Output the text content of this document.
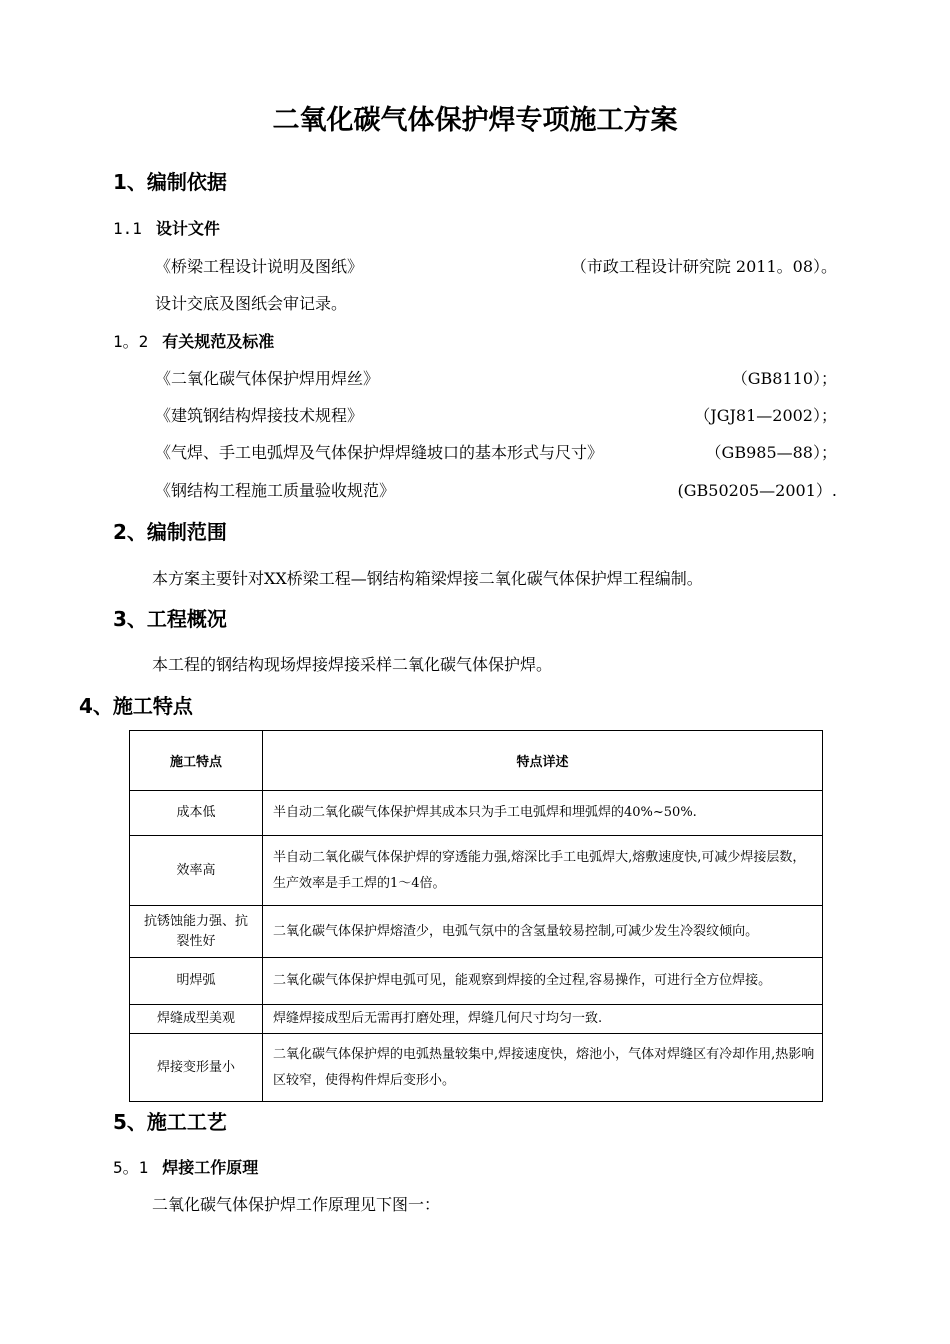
二氧化碳气体保护焊专项施工方案
1、编制依据
1.1 设计文件
《桥梁工程设计说明及图纸》	（市政工程设计研究院 2011。08）。
设计交底及图纸会审记录。
1。2 有关规范及标准
《二氧化碳气体保护焊用焊丝》	（GB8110）；
《建筑钢结构焊接技术规程》	（JGJ81—2002）；
《气焊、手工电弧焊及气体保护焊焊缝坡口的基本形式与尺寸》	（GB985—88）；
《钢结构工程施工质量验收规范》	(GB50205—2001）.
2、编制范围
本方案主要针对XX桥梁工程—钢结构箱梁焊接二氧化碳气体保护焊工程编制。
3、工程概况
本工程的钢结构现场焊接焊接采样二氧化碳气体保护焊。
4、施工特点
施工特点	特点详述
成本低	半自动二氧化碳气体保护焊其成本只为手工电弧焊和埋弧焊的40%~50%.
效率高	半自动二氧化碳气体保护焊的穿透能力强,熔深比手工电弧焊大,熔敷速度快,可减少焊接层数，生产效率是手工焊的1～4倍。
抗锈蚀能力强、抗裂性好	二氧化碳气体保护焊熔渣少，电弧气氛中的含氢量较易控制,可减少发生冷裂纹倾向。
明焊弧	二氧化碳气体保护焊电弧可见，能观察到焊接的全过程,容易操作，可进行全方位焊接。
焊缝成型美观	焊缝焊接成型后无需再打磨处理，焊缝几何尺寸均匀一致.
焊接变形量小	二氧化碳气体保护焊的电弧热量较集中,焊接速度快，熔池小，气体对焊缝区有冷却作用,热影响区较窄，使得构件焊后变形小。
5、施工工艺
5。1 焊接工作原理
二氧化碳气体保护焊工作原理见下图一：
